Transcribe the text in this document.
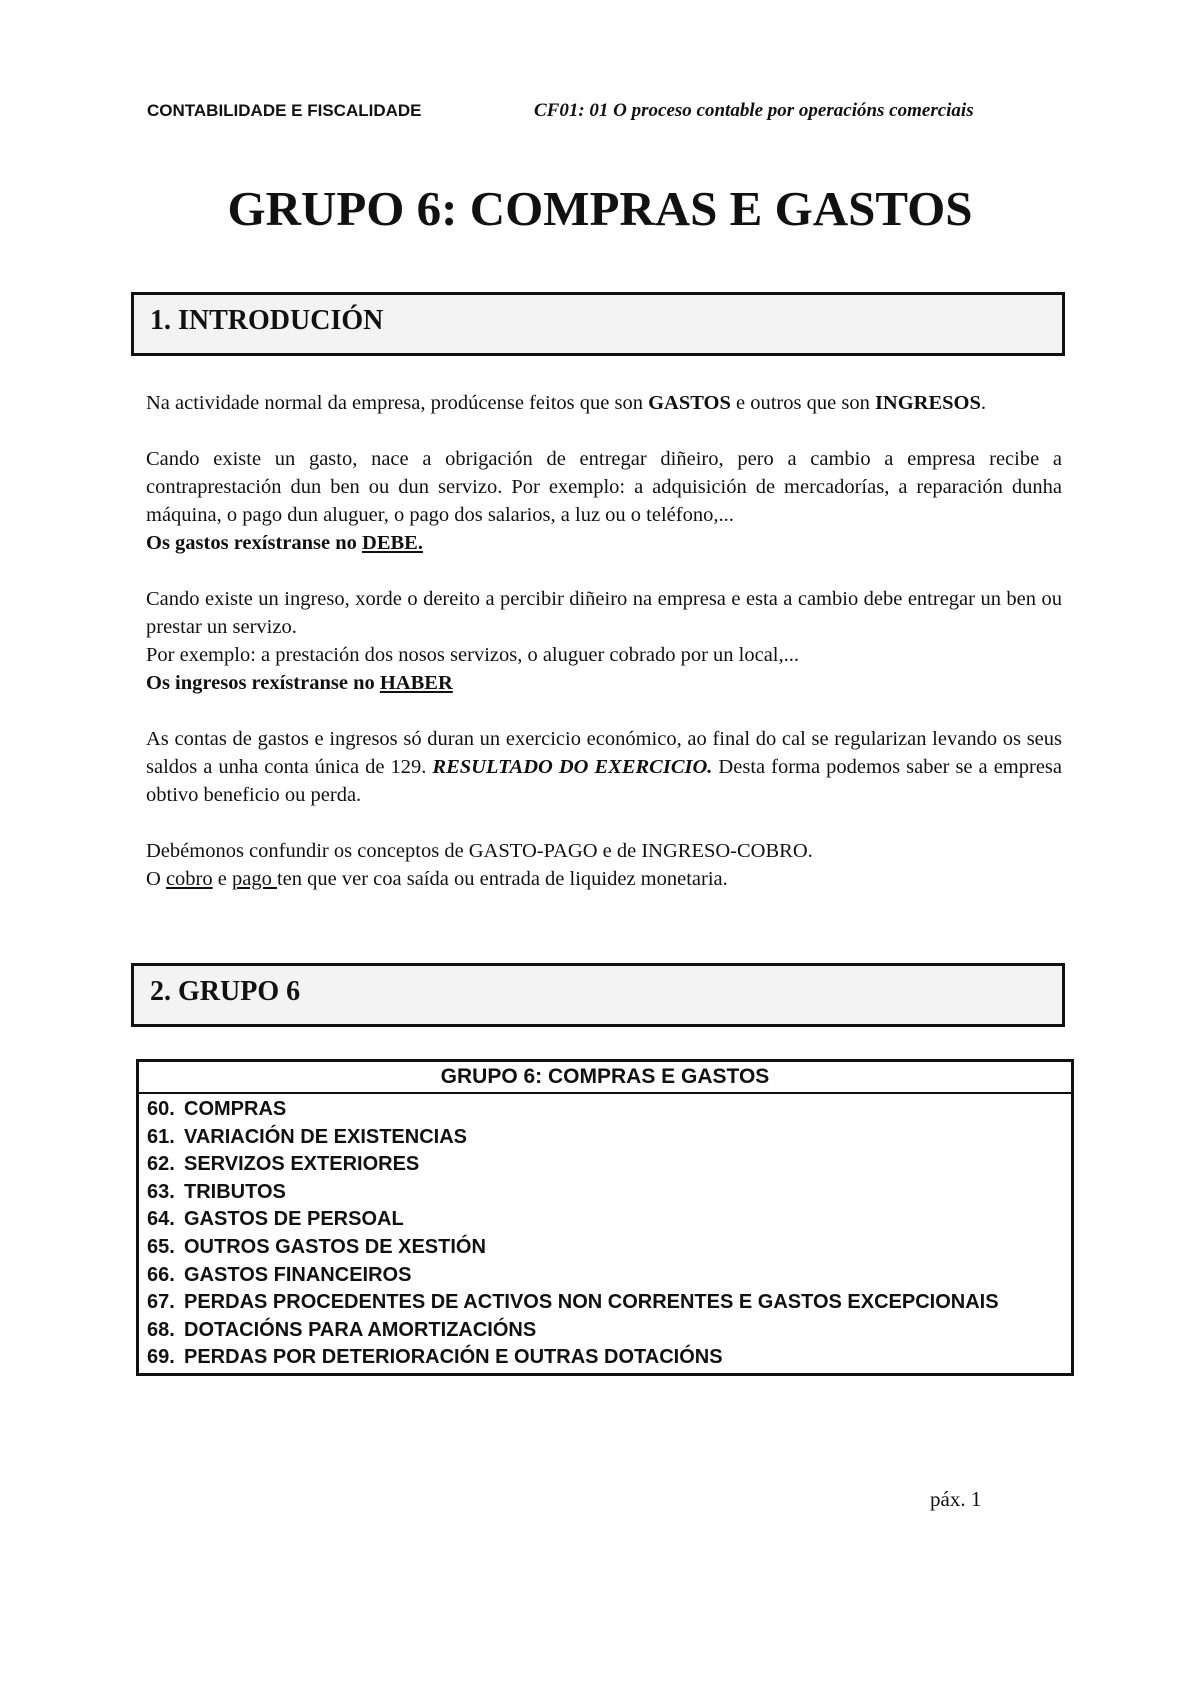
CONTABILIDADE E FISCALIDADE	CF01: 01 O proceso contable por operacións comerciais
GRUPO 6: COMPRAS E GASTOS
1. INTRODUCIÓN

Na actividade normal da empresa, prodúcense feitos que son GASTOS e outros que son INGRESOS.

Cando existe un gasto, nace a obrigación de entregar diñeiro, pero a cambio a empresa recibe a contraprestación dun ben ou dun servizo. Por exemplo: a adquisición de mercadorías, a reparación dunha máquina, o pago dun aluguer, o pago dos salarios, a luz ou o teléfono,...

Os gastos rexístranse no DEBE.

Cando existe un ingreso, xorde o dereito a percibir diñeiro na empresa e esta a cambio debe entregar un ben ou prestar un servizo.

Por exemplo: a prestación dos nosos servizos, o aluguer cobrado por un local,...

Os ingresos rexístranse no HABER

As contas de gastos e ingresos só duran un exercicio económico, ao final do cal se regularizan levando os seus saldos a unha conta única de 129. RESULTADO DO EXERCICIO. Desta forma podemos saber se a empresa obtivo beneficio ou perda.

Debémonos confundir os conceptos de GASTO-PAGO e de INGRESO-COBRO.

O cobro e pago ten que ver coa saída ou entrada de liquidez monetaria.

2. GRUPO 6
GRUPO 6: COMPRAS E GASTOS
60. COMPRAS
61. VARIACIÓN DE EXISTENCIAS
62. SERVIZOS EXTERIORES
63. TRIBUTOS
64. GASTOS DE PERSOAL
65. OUTROS GASTOS DE XESTIÓN
66. GASTOS FINANCEIROS
67. PERDAS PROCEDENTES DE ACTIVOS NON CORRENTES E GASTOS EXCEPCIONAIS
68. DOTACIÓNS PARA AMORTIZACIÓNS
69. PERDAS POR DETERIORACIÓN E OUTRAS DOTACIÓNS
páx. 1
